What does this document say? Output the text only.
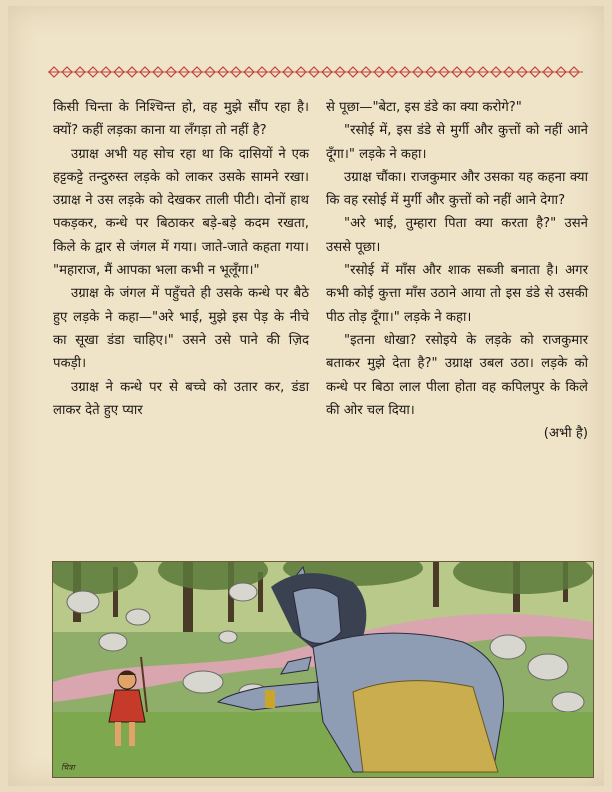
किसी चिन्ता के निश्चिन्त हो, वह मुझे सौंप रहा है। क्यों? कहीं लड़का काना या लँगड़ा तो नहीं है?

उग्राक्ष अभी यह सोच रहा था कि दासियों ने एक हट्टकट्टे तन्दुरुस्त लड़के को लाकर उसके सामने रखा। उग्राक्ष ने उस लड़के को देखकर ताली पीटी। दोनों हाथ पकड़कर, कन्धे पर बिठाकर बड़े-बड़े कदम रखता, किले के द्वार से जंगल में गया। जाते-जाते कहता गया। "महाराज, मैं आपका भला कभी न भूलूँगा।"

उग्राक्ष के जंगल में पहुँचते ही उसके कन्धे पर बैठे हुए लड़के ने कहा—"अरे भाई, मुझे इस पेड़ के नीचे का सूखा डंडा चाहिए।" उसने उसे पाने की ज़िद पकड़ी।

उग्राक्ष ने कन्धे पर से बच्चे को उतार कर, डंडा लाकर देते हुए प्यार

से पूछा—"बेटा, इस डंडे का क्या करोगे?"

"रसोई में, इस डंडे से मुर्गी और कुत्तों को नहीं आने दूँगा।" लड़के ने कहा।

उग्राक्ष चौंका। राजकुमार और उसका यह कहना क्या कि वह रसोई में मुर्गी और कुत्तों को नहीं आने देगा?

"अरे भाई, तुम्हारा पिता क्या करता है?" उसने उससे पूछा।

"रसोई में माँस और शाक सब्जी बनाता है। अगर कभी कोई कुत्ता माँस उठाने आया तो इस डंडे से उसकी पीठ तोड़ दूँगा।" लड़के ने कहा।

"इतना धोखा? रसोइये के लड़के को राजकुमार बताकर मुझे देता है?" उग्राक्ष उबल उठा। लड़के को कन्धे पर बिठा लाल पीला होता वह कपिलपुर के किले की ओर चल दिया।

(अभी है)
चित्रा
